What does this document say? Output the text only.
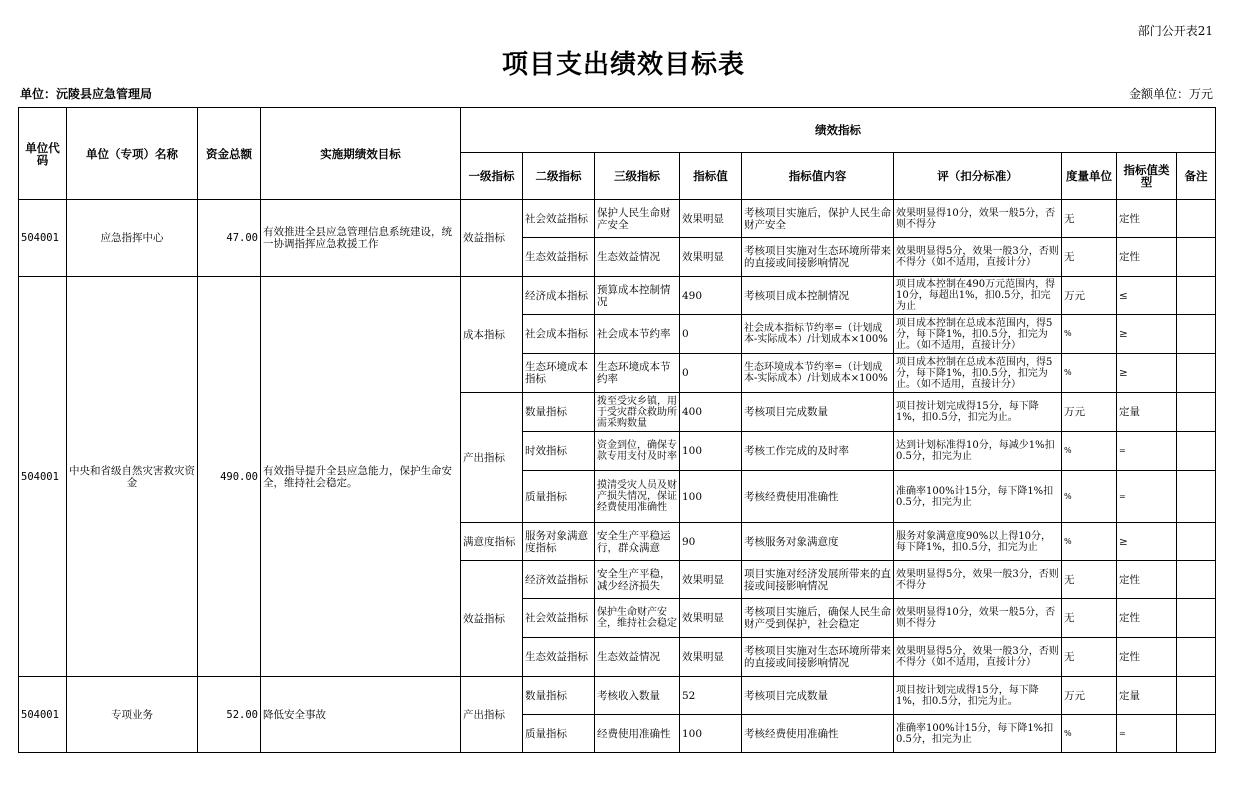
部门公开表21
项目支出绩效目标表
单位：沅陵县应急管理局	金额单位：万元
单位代码	单位（专项）名称	资金总额	实施期绩效目标	绩效指标								
				一级指标	二级指标	三级指标	指标值	指标值内容	评（扣分标准）	度量单位	指标值类型	备注
504001	应急指挥中心	47.00	有效推进全县应急管理信息系统建设，统一协调指挥应急救援工作	效益指标	社会效益指标	保护人民生命财产安全	效果明显	考核项目实施后，保护人民生命财产安全	效果明显得10分，效果一般5分，否则不得分	无	定性	
					生态效益指标	生态效益情况	效果明显	考核项目实施对生态环境所带来的直接或间接影响情况	效果明显得5分，效果一般3分，否则不得分（如不适用，直接计分）	无	定性	
504001	中央和省级自然灾害救灾资金	490.00	有效指导提升全县应急能力，保护生命安全，维持社会稳定。	成本指标	经济成本指标	预算成本控制情况	490	考核项目成本控制情况	项目成本控制在490万元范围内，得10分，每超出1%，扣0.5分，扣完为止	万元	≤	
					社会成本指标	社会成本节约率	0	社会成本指标节约率=（计划成本-实际成本）/计划成本×100%	项目成本控制在总成本范围内，得5分，每下降1%，扣0.5分，扣完为止。（如不适用，直接计分）	%	≥	
					生态环境成本指标	生态环境成本节约率	0	生态环境成本节约率=（计划成本-实际成本）/计划成本×100%	项目成本控制在总成本范围内，得5分，每下降1%，扣0.5分，扣完为止。（如不适用，直接计分）	%	≥	
				产出指标	数量指标	拨至受灾乡镇，用于受灾群众救助所需采购数量	400	考核项目完成数量	项目按计划完成得15分，每下降1%，扣0.5分，扣完为止。	万元	定量	
					时效指标	资金到位，确保专款专用支付及时率	100	考核工作完成的及时率	达到计划标准得10分，每减少1%扣0.5分，扣完为止	%	=	
					质量指标	摸清受灾人员及财产损失情况，保证经费使用准确性	100	考核经费使用准确性	准确率100%计15分，每下降1%扣0.5分，扣完为止	%	=	
				满意度指标	服务对象满意度指标	安全生产平稳运行，群众满意	90	考核服务对象满意度	服务对象满意度90%以上得10分，每下降1%，扣0.5分，扣完为止	%	≥	
				效益指标	经济效益指标	安全生产平稳，减少经济损失	效果明显	项目实施对经济发展所带来的直接或间接影响情况	效果明显得5分，效果一般3分，否则不得分	无	定性	
					社会效益指标	保护生命财产安全，维持社会稳定	效果明显	考核项目实施后，确保人民生命财产受到保护，社会稳定	效果明显得10分，效果一般5分，否则不得分	无	定性	
					生态效益指标	生态效益情况	效果明显	考核项目实施对生态环境所带来的直接或间接影响情况	效果明显得5分，效果一般3分，否则不得分（如不适用，直接计分）	无	定性	
504001	专项业务	52.00	降低安全事故	产出指标	数量指标	考核收入数量	52	考核项目完成数量	项目按计划完成得15分，每下降1%，扣0.5分，扣完为止。	万元	定量	
					质量指标	经费使用准确性	100	考核经费使用准确性	准确率100%计15分，每下降1%扣0.5分，扣完为止	%	=	
